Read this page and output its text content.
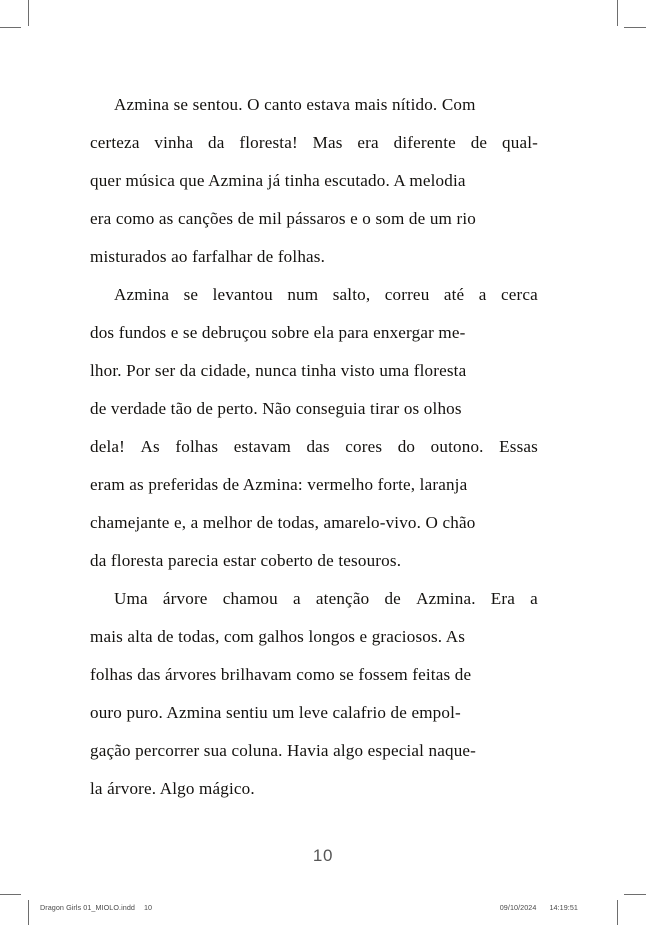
Azmina se sentou. O canto estava mais nítido. Com
certeza vinha da floresta! Mas era diferente de qual-
quer música que Azmina já tinha escutado. A melodia
era como as canções de mil pássaros e o som de um rio
misturados ao farfalhar de folhas.

Azmina se levantou num salto, correu até a cerca
dos fundos e se debruçou sobre ela para enxergar me-
lhor. Por ser da cidade, nunca tinha visto uma floresta
de verdade tão de perto. Não conseguia tirar os olhos
dela! As folhas estavam das cores do outono. Essas
eram as preferidas de Azmina: vermelho forte, laranja
chamejante e, a melhor de todas, amarelo-vivo. O chão
da floresta parecia estar coberto de tesouros.

Uma árvore chamou a atenção de Azmina. Era a
mais alta de todas, com galhos longos e graciosos. As
folhas das árvores brilhavam como se fossem feitas de
ouro puro. Azmina sentiu um leve calafrio de empol-
gação percorrer sua coluna. Havia algo especial naque-
la árvore. Algo mágico.

10
Dragon Girls 01_MIOLO.indd 10	09/10/2024 14:19:51
